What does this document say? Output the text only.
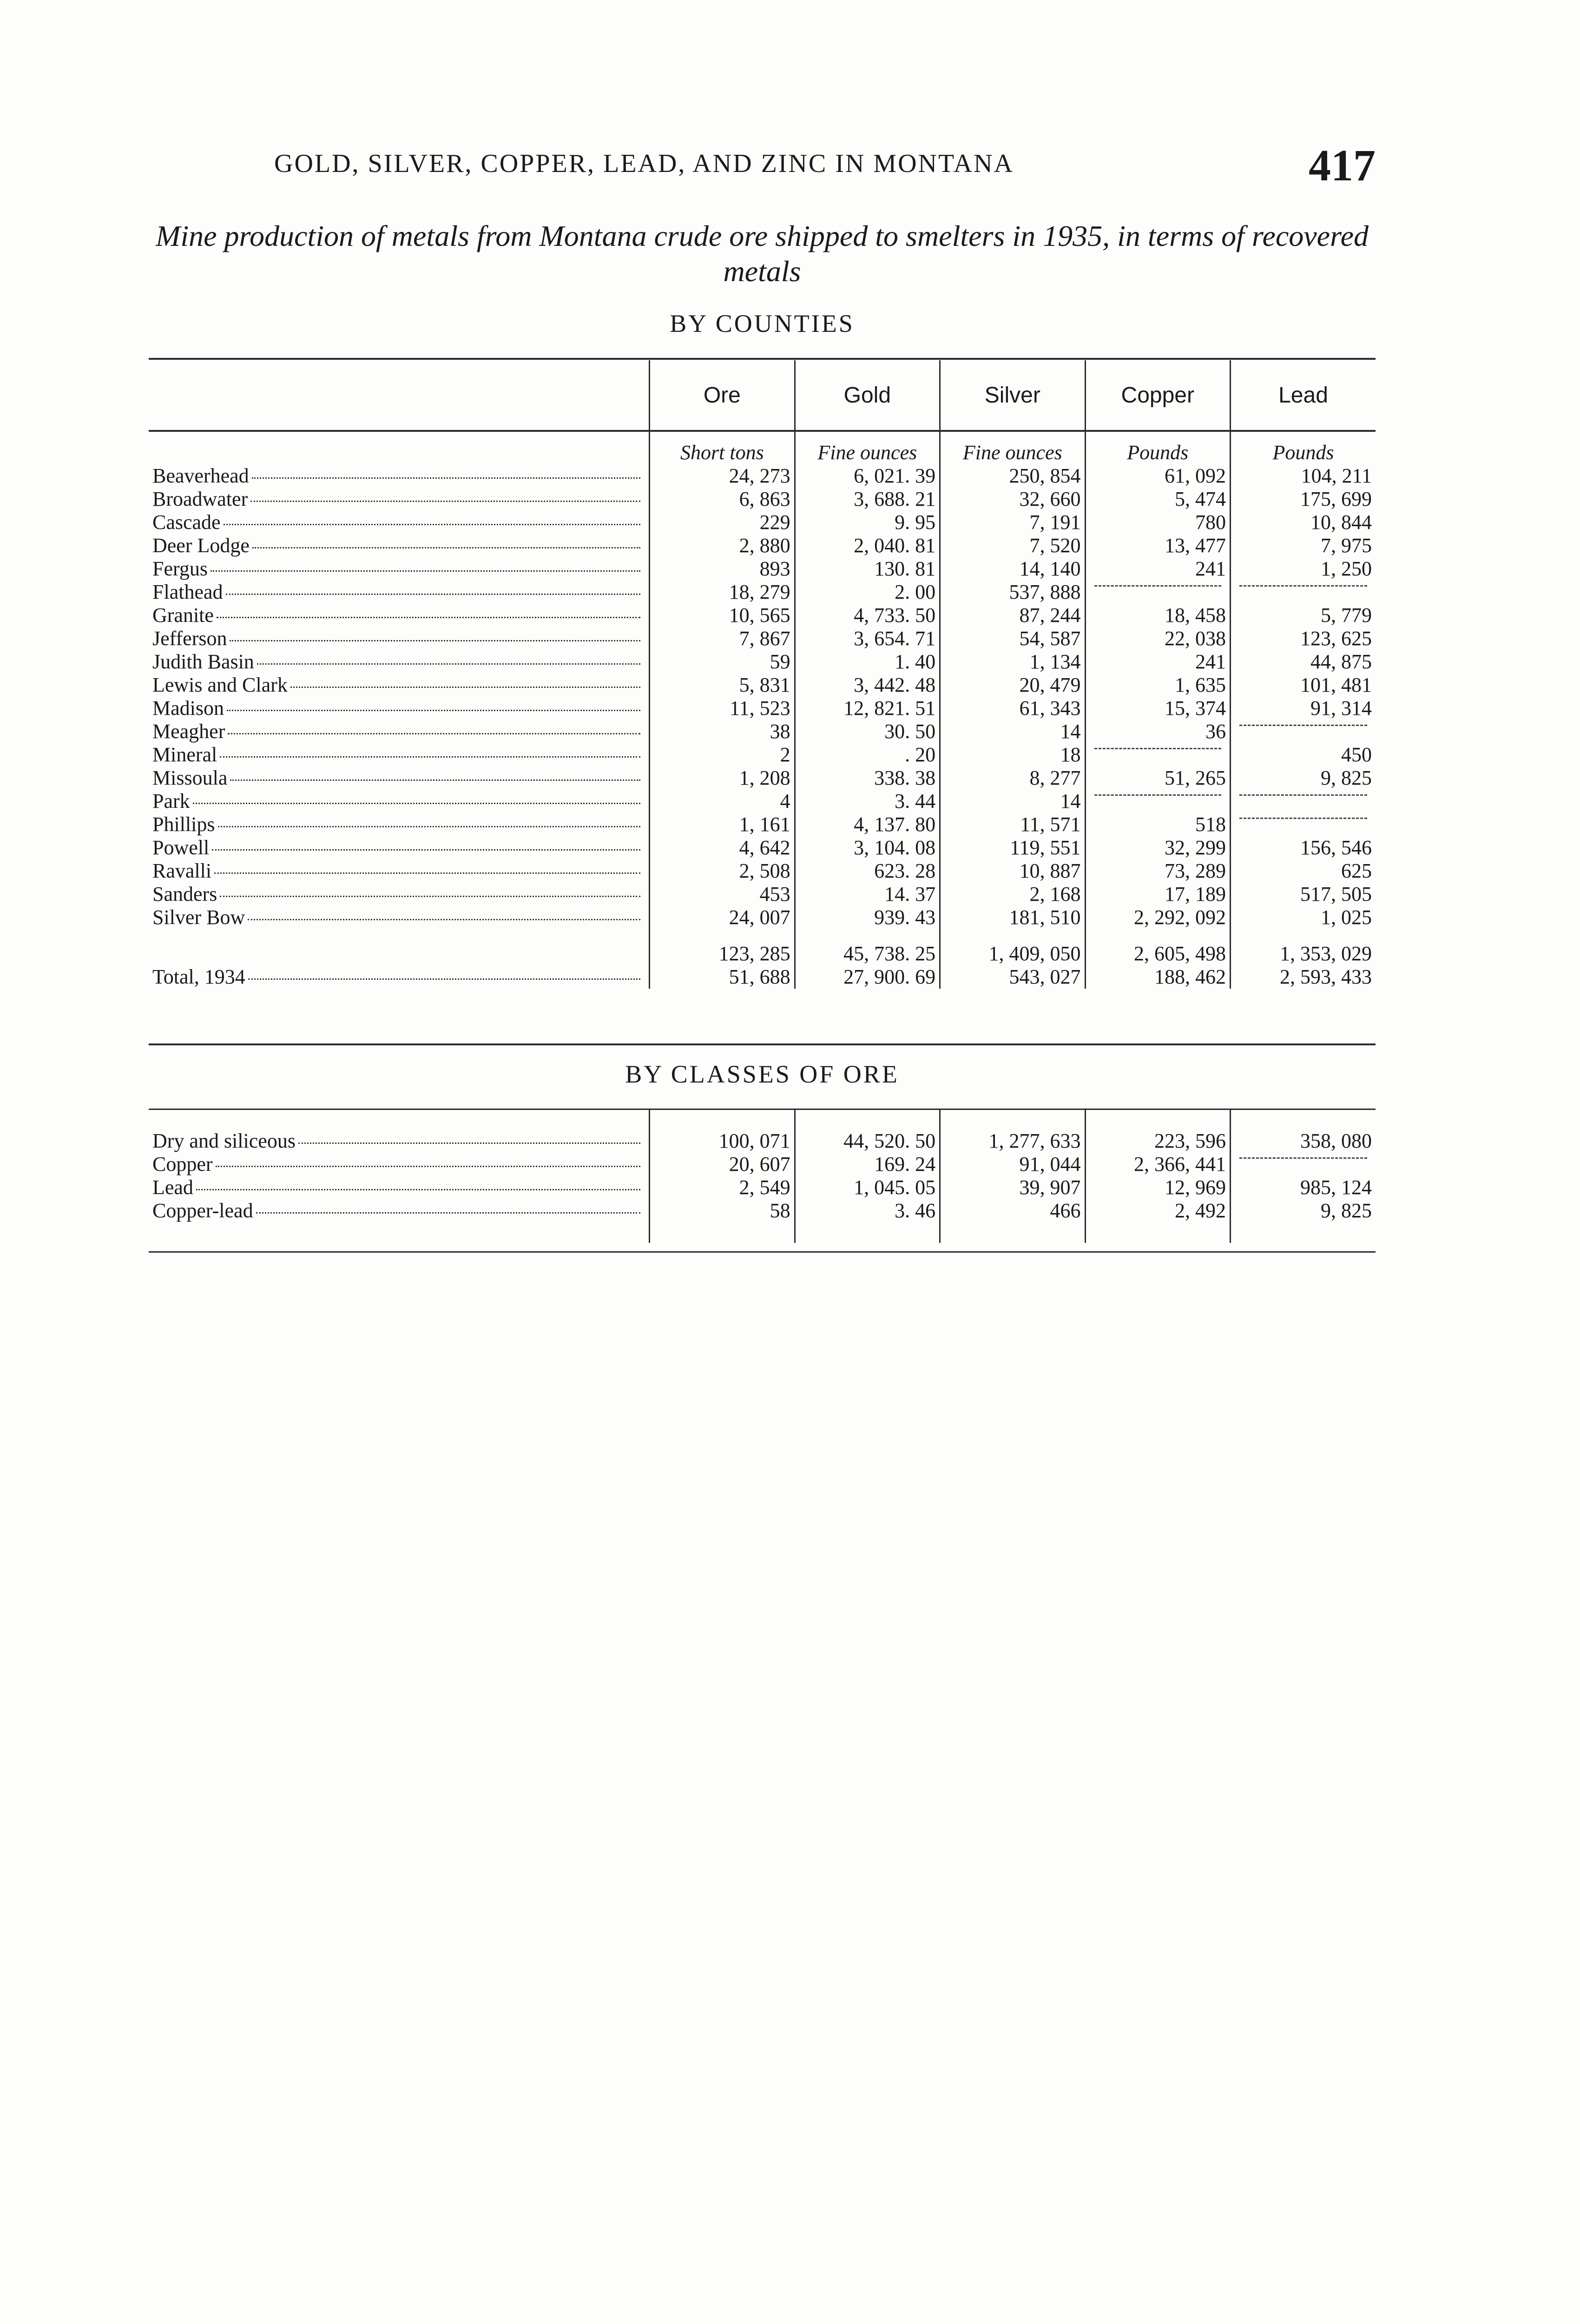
GOLD, SILVER, COPPER, LEAD, AND ZINC IN MONTANA	417
Mine production of metals from Montana crude ore shipped to smelters in 1935, in terms of recovered metals
BY COUNTIES
	Ore	Gold	Silver	Copper	Lead
	Short tons	Fine ounces	Fine ounces	Pounds	Pounds

Beaverhead	24, 273	6, 021. 39	250, 854	61, 092	104, 211

Broadwater	6, 863	3, 688. 21	32, 660	5, 474	175, 699

Cascade	229	9. 95	7, 191	780	10, 844

Deer Lodge	2, 880	2, 040. 81	7, 520	13, 477	7, 975

Fergus	893	130. 81	14, 140	241	1, 250

Flathead	18, 279	2. 00	537, 888	

Granite	10, 565	4, 733. 50	87, 244	18, 458	5, 779

Jefferson	7, 867	3, 654. 71	54, 587	22, 038	123, 625

Judith Basin	59	1. 40	1, 134	241	44, 875

Lewis and Clark	5, 831	3, 442. 48	20, 479	1, 635	101, 481

Madison	11, 523	12, 821. 51	61, 343	15, 374	91, 314

Meagher	38	30. 50	14	36	

Mineral	2	. 20	18		450

Missoula	1, 208	338. 38	8, 277	51, 265	9, 825

Park	4	3. 44	14	

Phillips	1, 161	4, 137. 80	11, 571	518	

Powell	4, 642	3, 104. 08	119, 551	32, 299	156, 546

Ravalli	2, 508	623. 28	10, 887	73, 289	625

Sanders	453	14. 37	2, 168	17, 189	517, 505

Silver Bow	24, 007	939. 43	181, 510	2, 292, 092	1, 025

	123, 285	45, 738. 25	1, 409, 050	2, 605, 498	1, 353, 029

Total, 1934	51, 688	27, 900. 69	543, 027	188, 462	2, 593, 433
BY CLASSES OF ORE

Dry and siliceous	100, 071	44, 520. 50	1, 277, 633	223, 596	358, 080

Copper	20, 607	169. 24	91, 044	2, 366, 441	

Lead	2, 549	1, 045. 05	39, 907	12, 969	985, 124

Copper-lead	58	3. 46	466	2, 492	9, 825
